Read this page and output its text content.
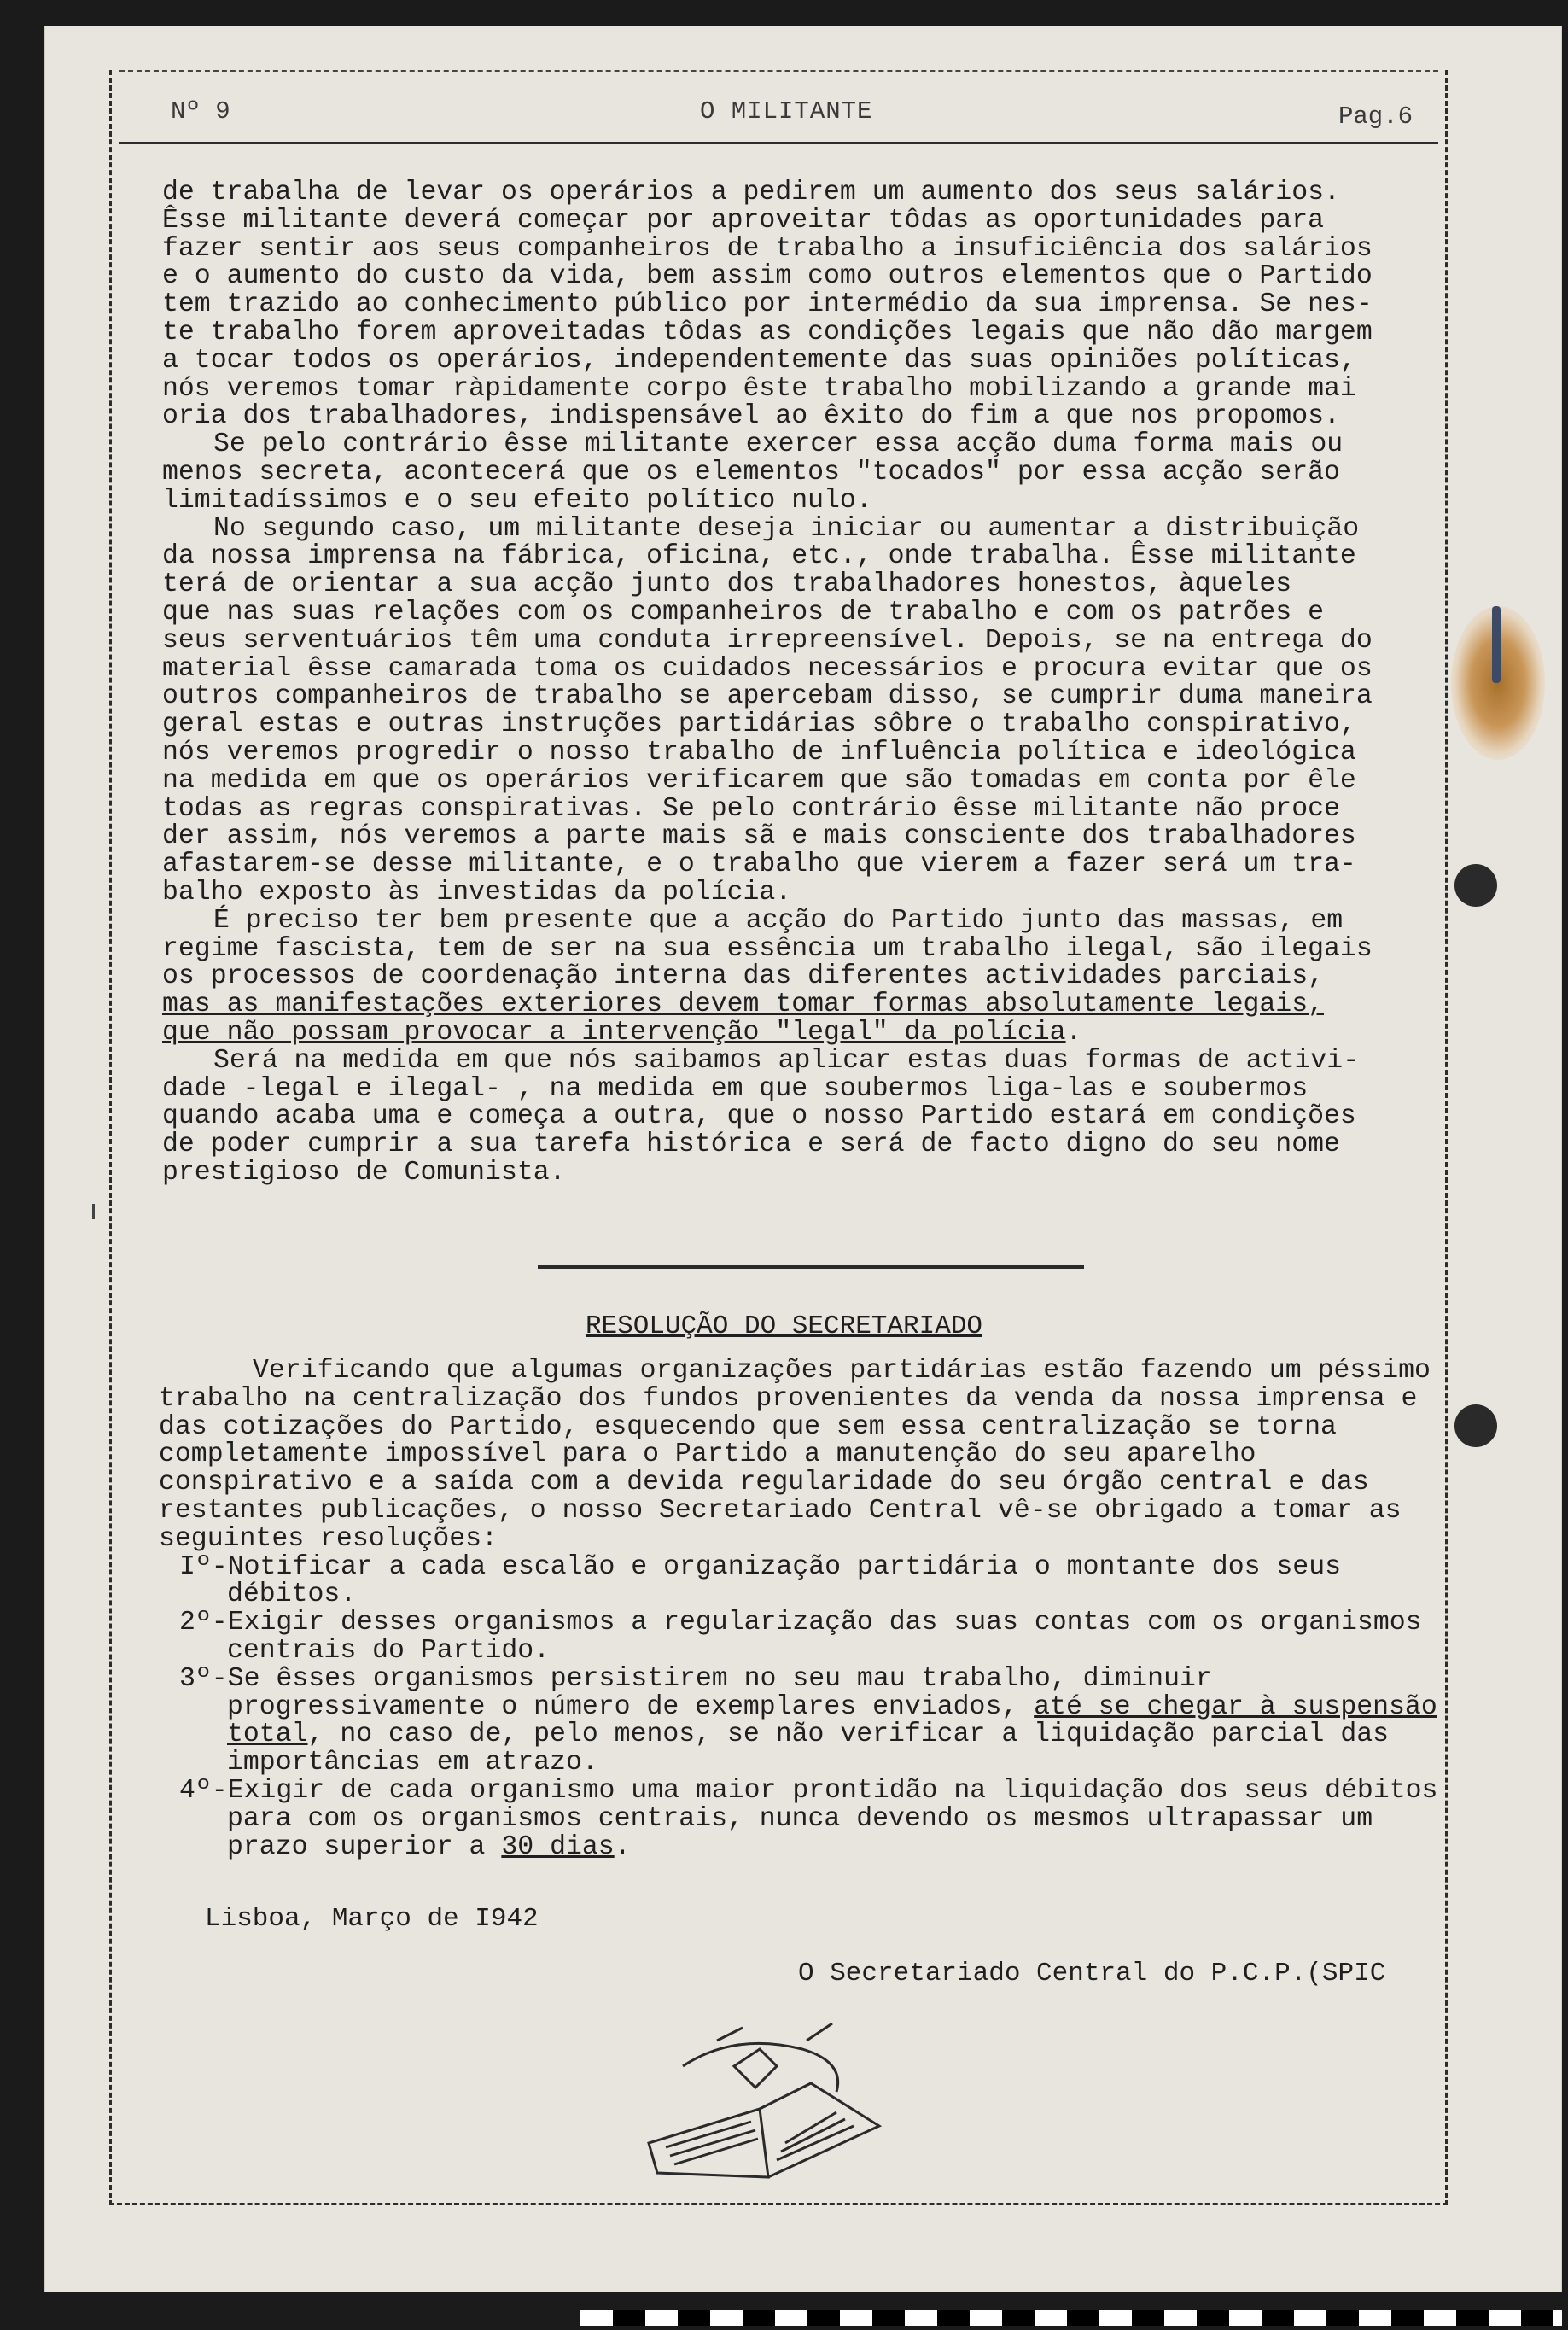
Nº 9	O MILITANTE	Pag.6

de trabalha de levar os operários a pedirem um aumento dos seus salários.
Êsse militante deverá começar por aproveitar tôdas as oportunidades para
fazer sentir aos seus companheiros de trabalho a insuficiência dos salários
e o aumento do custo da vida, bem assim como outros elementos que o Partido
tem trazido ao conhecimento público por intermédio da sua imprensa. Se nes-
te trabalho forem aproveitadas tôdas as condições legais que não dão margem
a tocar todos os operários, independentemente das suas opiniões políticas,
nós veremos tomar ràpidamente corpo êste trabalho mobilizando a grande mai
oria dos trabalhadores, indispensável ao êxito do fim a que nos propomos.

Se pelo contrário êsse militante exercer essa acção duma forma mais ou
menos secreta, acontecerá que os elementos "tocados" por essa acção serão
limitadíssimos e o seu efeito político nulo.

No segundo caso, um militante deseja iniciar ou aumentar a distribuição
da nossa imprensa na fábrica, oficina, etc., onde trabalha. Êsse militante
terá de orientar a sua acção junto dos trabalhadores honestos, àqueles
que nas suas relações com os companheiros de trabalho e com os patrões e
seus serventuários têm uma conduta irrepreensível. Depois, se na entrega do
material êsse camarada toma os cuidados necessários e procura evitar que os
outros companheiros de trabalho se apercebam disso, se cumprir duma maneira
geral estas e outras instruções partidárias sôbre o trabalho conspirativo,
nós veremos progredir o nosso trabalho de influência política e ideológica
na medida em que os operários verificarem que são tomadas em conta por êle
todas as regras conspirativas. Se pelo contrário êsse militante não proce
der assim, nós veremos a parte mais sã e mais consciente dos trabalhadores
afastarem-se desse militante, e o trabalho que vierem a fazer será um tra-
balho exposto às investidas da polícia.

É preciso ter bem presente que a acção do Partido junto das massas, em
regime fascista, tem de ser na sua essência um trabalho ilegal, são ilegais
os processos de coordenação interna das diferentes actividades parciais,
mas as manifestações exteriores devem tomar formas absolutamente legais,
que não possam provocar a intervenção "legal" da polícia.

Será na medida em que nós saibamos aplicar estas duas formas de activi-
dade -legal e ilegal- , na medida em que soubermos liga-las e soubermos
quando acaba uma e começa a outra, que o nosso Partido estará em condições
de poder cumprir a sua tarefa histórica e será de facto digno do seu nome
prestigioso de Comunista.

RESOLUÇÃO DO SECRETARIADO

Verificando que algumas organizações partidárias estão fazendo um péssimo trabalho na centralização dos fundos provenientes da venda da nossa imprensa e das cotizações do Partido, esquecendo que sem essa centralização se torna completamente impossível para o Partido a manutenção do seu aparelho conspirativo e a saída com a devida regularidade do seu órgão central e das restantes publicações, o nosso Secretariado Central vê-se obrigado a tomar as seguintes resoluções:

Iº-Notificar a cada escalão e organização partidária o montante dos seus débitos.

2º-Exigir desses organismos a regularização das suas contas com os organismos centrais do Partido.

3º-Se êsses organismos persistirem no seu mau trabalho, diminuir progressivamente o número de exemplares enviados, até se chegar à suspensão total, no caso de, pelo menos, se não verificar a liquidação parcial das importâncias em atrazo.

4º-Exigir de cada organismo uma maior prontidão na liquidação dos seus débitos para com os organismos centrais, nunca devendo os mesmos ultrapassar um prazo superior a 30 dias.

Lisboa, Março de I942
O Secretariado Central do P.C.P.(SPIC
